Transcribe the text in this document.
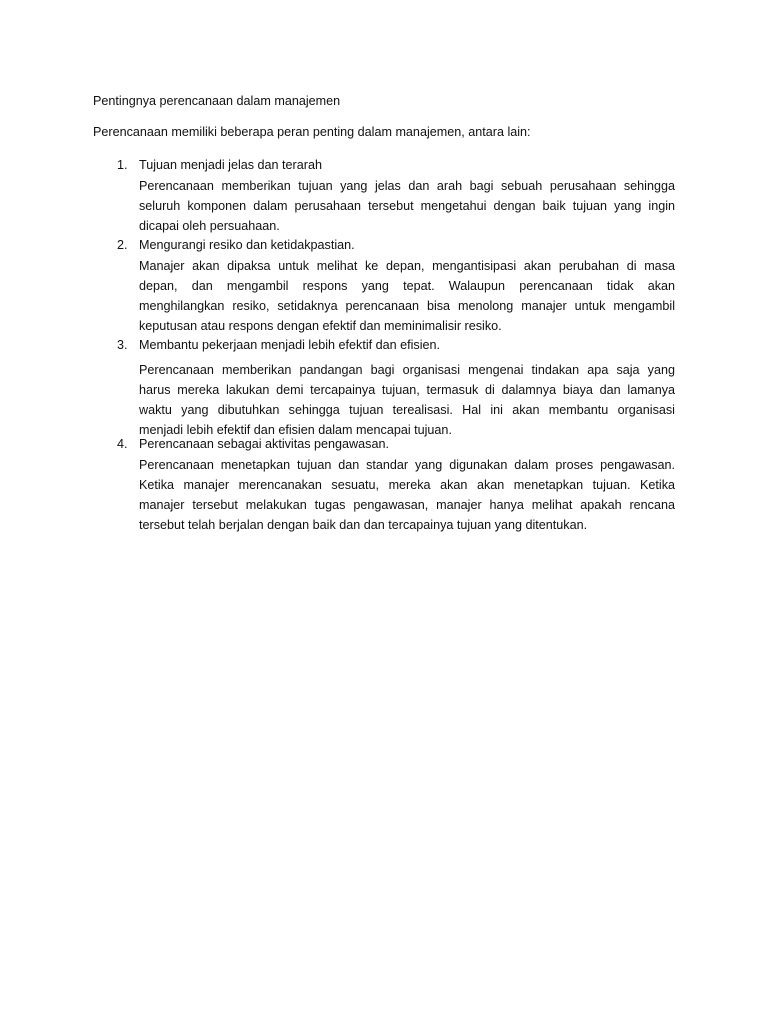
Pentingnya perencanaan dalam manajemen
Perencanaan memiliki beberapa peran penting dalam manajemen, antara lain:
1. Tujuan menjadi jelas dan terarah
Perencanaan memberikan tujuan yang jelas dan arah bagi sebuah perusahaan sehingga
seluruh komponen dalam perusahaan tersebut mengetahui dengan baik tujuan yang ingin
dicapai oleh persuahaan.
2. Mengurangi resiko dan ketidakpastian.
Manajer akan dipaksa untuk melihat ke depan, mengantisipasi akan perubahan di masa
depan, dan mengambil respons yang tepat. Walaupun perencanaan tidak akan
menghilangkan resiko, setidaknya perencanaan bisa menolong manajer untuk mengambil
keputusan atau respons dengan efektif dan meminimalisir resiko.
3. Membantu pekerjaan menjadi lebih efektif dan efisien.
Perencanaan memberikan pandangan bagi organisasi mengenai tindakan apa saja yang
harus mereka lakukan demi tercapainya tujuan, termasuk di dalamnya biaya dan lamanya
waktu yang dibutuhkan sehingga tujuan terealisasi. Hal ini akan membantu organisasi
menjadi lebih efektif dan efisien dalam mencapai tujuan.
4. Perencanaan sebagai aktivitas pengawasan.
Perencanaan menetapkan tujuan dan standar yang digunakan dalam proses pengawasan.
Ketika manajer merencanakan sesuatu, mereka akan akan menetapkan tujuan. Ketika
manajer tersebut melakukan tugas pengawasan, manajer hanya melihat apakah rencana
tersebut telah berjalan dengan baik dan dan tercapainya tujuan yang ditentukan.
